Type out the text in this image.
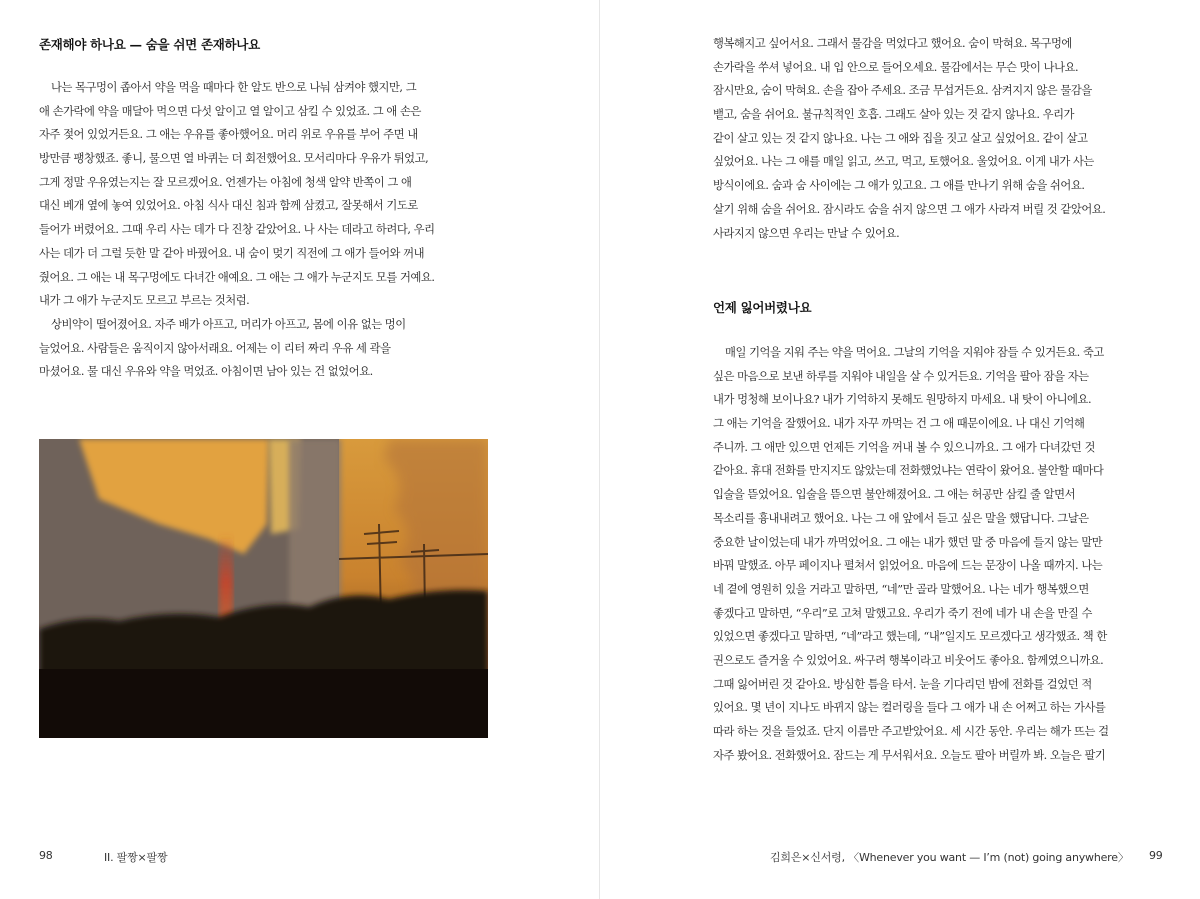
존재해야 하나요 — 숨을 쉬면 존재하나요
나는 목구멍이 좁아서 약을 먹을 때마다 한 알도 반으로 나눠 삼켜야 했지만, 그
애 손가락에 약을 매달아 먹으면 다섯 알이고 열 알이고 삼킬 수 있었죠. 그 애 손은
자주 젖어 있었거든요. 그 애는 우유를 좋아했어요. 머리 위로 우유를 부어 주면 내
방만큼 팽창했죠. 좋니, 물으면 열 바퀴는 더 회전했어요. 모서리마다 우유가 튀었고,
그게 정말 우유였는지는 잘 모르겠어요. 언젠가는 아침에 청색 알약 반쪽이 그 애
대신 베개 옆에 놓여 있었어요. 아침 식사 대신 침과 함께 삼켰고, 잘못해서 기도로
들어가 버렸어요. 그때 우리 사는 데가 다 진창 같았어요. 나 사는 데라고 하려다, 우리
사는 데가 더 그럴 듯한 말 같아 바꿨어요. 내 숨이 멎기 직전에 그 애가 들어와 꺼내
줬어요. 그 애는 내 목구멍에도 다녀간 애예요. 그 애는 그 애가 누군지도 모를 거예요.
내가 그 애가 누군지도 모르고 부르는 것처럼.
상비약이 떨어졌어요. 자주 배가 아프고, 머리가 아프고, 몸에 이유 없는 멍이
늘었어요. 사람들은 움직이지 않아서래요. 어제는 이 리터 짜리 우유 세 곽을
마셨어요. 물 대신 우유와 약을 먹었죠. 아침이면 남아 있는 건 없었어요.
98	II. 팔짱×팔짱
행복해지고 싶어서요. 그래서 물감을 먹었다고 했어요. 숨이 막혀요. 목구멍에
손가락을 쑤셔 넣어요. 내 입 안으로 들어오세요. 물감에서는 무슨 맛이 나나요.
잠시만요, 숨이 막혀요. 손을 잡아 주세요. 조금 무섭거든요. 삼켜지지 않은 물감을
뱉고, 숨을 쉬어요. 불규칙적인 호흡. 그래도 살아 있는 것 같지 않나요. 우리가
같이 살고 있는 것 같지 않나요. 나는 그 애와 집을 짓고 살고 싶었어요. 같이 살고
싶었어요. 나는 그 애를 매일 읽고, 쓰고, 먹고, 토했어요. 울었어요. 이게 내가 사는
방식이에요. 숨과 숨 사이에는 그 애가 있고요. 그 애를 만나기 위해 숨을 쉬어요.
살기 위해 숨을 쉬어요. 잠시라도 숨을 쉬지 않으면 그 애가 사라져 버릴 것 같았어요.
사라지지 않으면 우리는 만날 수 있어요.
언제 잃어버렸나요
매일 기억을 지워 주는 약을 먹어요. 그날의 기억을 지워야 잠들 수 있거든요. 죽고
싶은 마음으로 보낸 하루를 지워야 내일을 살 수 있거든요. 기억을 팔아 잠을 자는
내가 멍청해 보이나요? 내가 기억하지 못해도 원망하지 마세요. 내 탓이 아니에요.
그 애는 기억을 잘했어요. 내가 자꾸 까먹는 건 그 애 때문이에요. 나 대신 기억해
주니까. 그 애만 있으면 언제든 기억을 꺼내 볼 수 있으니까요. 그 애가 다녀갔던 것
같아요. 휴대 전화를 만지지도 않았는데 전화했었냐는 연락이 왔어요. 불안할 때마다
입술을 뜯었어요. 입술을 뜯으면 불안해졌어요. 그 애는 허공만 삼킬 줄 알면서
목소리를 흉내내려고 했어요. 나는 그 애 앞에서 듣고 싶은 말을 했답니다. 그날은
중요한 날이었는데 내가 까먹었어요. 그 애는 내가 했던 말 중 마음에 들지 않는 말만
바꿔 말했죠. 아무 페이지나 펼쳐서 읽었어요. 마음에 드는 문장이 나올 때까지. 나는
네 곁에 영원히 있을 거라고 말하면, “네”만 골라 말했어요. 나는 네가 행복했으면
좋겠다고 말하면, “우리”로 고쳐 말했고요. 우리가 죽기 전에 네가 내 손을 만질 수
있었으면 좋겠다고 말하면, “네”라고 했는데, “내”일지도 모르겠다고 생각했죠. 책 한
권으로도 즐거울 수 있었어요. 싸구려 행복이라고 비웃어도 좋아요. 함께였으니까요.
그때 잃어버린 것 같아요. 방심한 틈을 타서. 눈을 기다리던 밤에 전화를 걸었던 적
있어요. 몇 년이 지나도 바뀌지 않는 컬러링을 들다 그 애가 내 손 어쩌고 하는 가사를
따라 하는 것을 들었죠. 단지 이름만 주고받았어요. 세 시간 동안. 우리는 해가 뜨는 걸
자주 봤어요. 전화했어요. 잠드는 게 무서워서요. 오늘도 팔아 버릴까 봐. 오늘은 팔기
김희은×신서령, 〈Whenever you want — I’m (not) going anywhere〉 99
